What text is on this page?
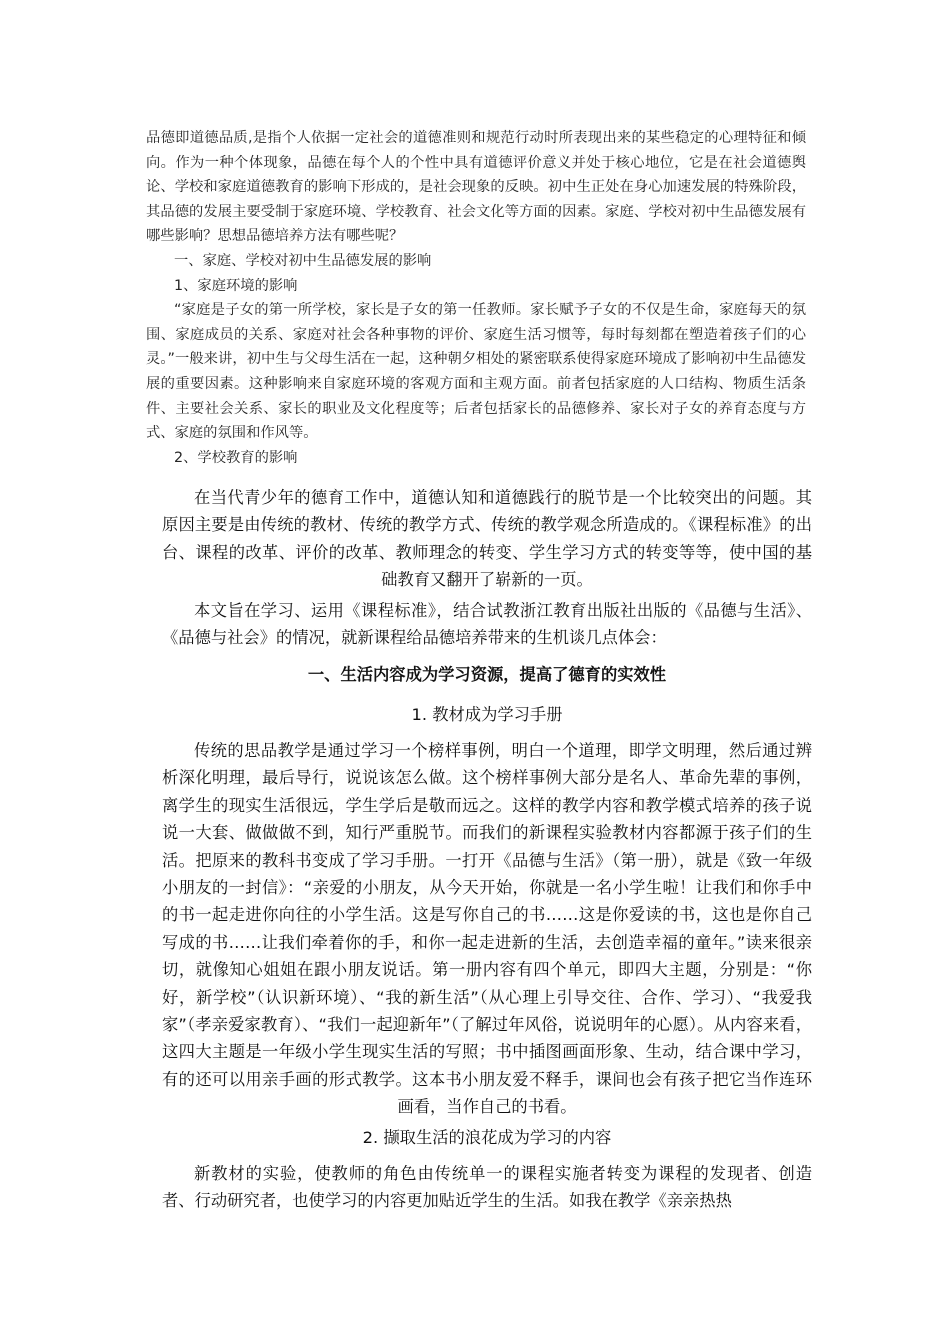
品德即道德品质,是指个人依据一定社会的道德准则和规范行动时所表现出来的某些稳定的心理特征和倾向。作为一种个体现象，品德在每个人的个性中具有道德评价意义并处于核心地位，它是在社会道德舆论、学校和家庭道德教育的影响下形成的，是社会现象的反映。初中生正处在身心加速发展的特殊阶段，其品德的发展主要受制于家庭环境、学校教育、社会文化等方面的因素。家庭、学校对初中生品德发展有哪些影响？思想品德培养方法有哪些呢？

一、家庭、学校对初中生品德发展的影响

1、家庭环境的影响

“家庭是子女的第一所学校，家长是子女的第一任教师。家长赋予子女的不仅是生命，家庭每天的氛围、家庭成员的关系、家庭对社会各种事物的评价、家庭生活习惯等，每时每刻都在塑造着孩子们的心灵。”一般来讲，初中生与父母生活在一起，这种朝夕相处的紧密联系使得家庭环境成了影响初中生品德发展的重要因素。这种影响来自家庭环境的客观方面和主观方面。前者包括家庭的人口结构、物质生活条件、主要社会关系、家长的职业及文化程度等；后者包括家长的品德修养、家长对子女的养育态度与方式、家庭的氛围和作风等。

2、学校教育的影响

在当代青少年的德育工作中，道德认知和道德践行的脱节是一个比较突出的问题。其原因主要是由传统的教材、传统的教学方式、传统的教学观念所造成的。《课程标准》的出台、课程的改革、评价的改革、教师理念的转变、学生学习方式的转变等等，使中国的基础教育又翻开了崭新的一页。

本文旨在学习、运用《课程标准》，结合试教浙江教育出版社出版的《品德与生活》、《品德与社会》的情况，就新课程给品德培养带来的生机谈几点体会：

一、生活内容成为学习资源，提高了德育的实效性
1. 教材成为学习手册

传统的思品教学是通过学习一个榜样事例，明白一个道理，即学文明理，然后通过辨析深化明理，最后导行，说说该怎么做。这个榜样事例大部分是名人、革命先辈的事例，离学生的现实生活很远，学生学后是敬而远之。这样的教学内容和教学模式培养的孩子说说一大套、做做做不到，知行严重脱节。而我们的新课程实验教材内容都源于孩子们的生活。把原来的教科书变成了学习手册。一打开《品德与生活》（第一册），就是《致一年级小朋友的一封信》：“亲爱的小朋友，从今天开始，你就是一名小学生啦！让我们和你手中的书一起走进你向往的小学生活。这是写你自己的书……这是你爱读的书，这也是你自己写成的书……让我们牵着你的手，和你一起走进新的生活，去创造幸福的童年。”读来很亲切，就像知心姐姐在跟小朋友说话。第一册内容有四个单元，即四大主题，分别是：“你好，新学校”（认识新环境）、“我的新生活”（从心理上引导交往、合作、学习）、“我爱我家”（孝亲爱家教育）、“我们一起迎新年”（了解过年风俗，说说明年的心愿）。从内容来看，这四大主题是一年级小学生现实生活的写照；书中插图画面形象、生动，结合课中学习，有的还可以用亲手画的形式教学。这本书小朋友爱不释手，课间也会有孩子把它当作连环画看，当作自己的书看。

2. 撷取生活的浪花成为学习的内容

新教材的实验，使教师的角色由传统单一的课程实施者转变为课程的发现者、创造者、行动研究者，也使学习的内容更加贴近学生的生活。如我在教学《亲亲热热
